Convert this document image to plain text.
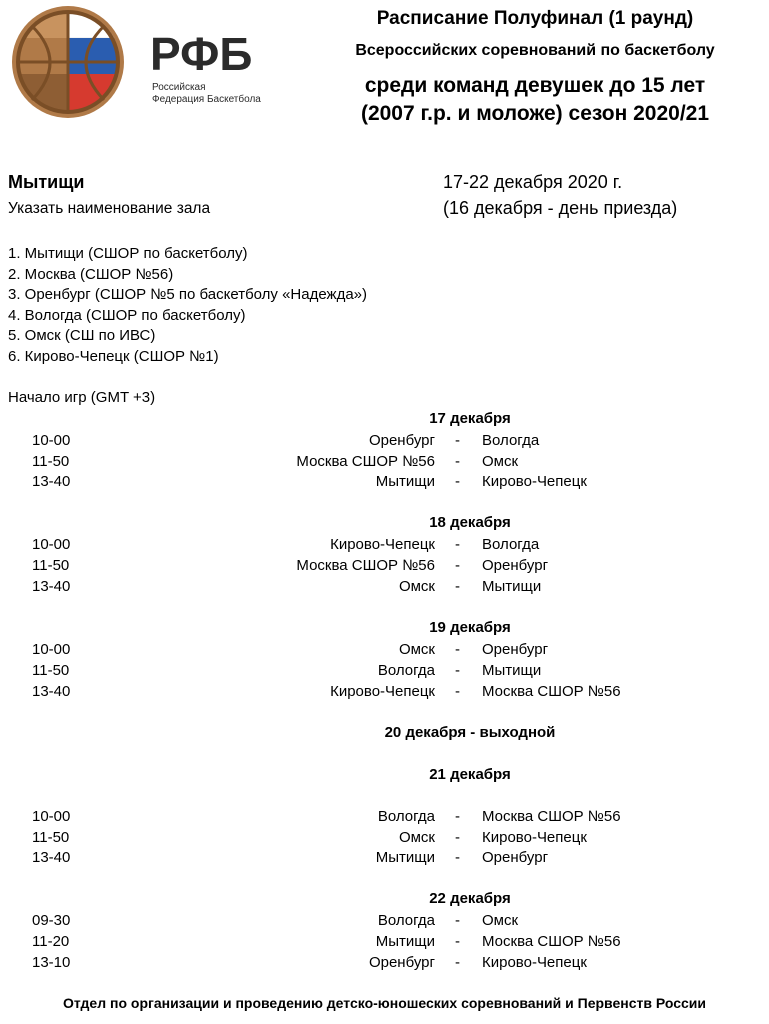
РФБ
Российская
Федерация Баскетбола
Расписание Полуфинал (1 раунд)
Всероссийских соревнований по баскетболу
среди команд девушек до 15 лет
(2007 г.р. и моложе) сезон 2020/21
Мытищи
Указать наименование зала
17-22 декабря 2020 г.
(16 декабря - день приезда)
1. Мытищи (СШОР по баскетболу)
2. Москва (СШОР №56)
3. Оренбург (СШОР №5 по баскетболу «Надежда»)
4. Вологда (СШОР по баскетболу)
5. Омск (СШ по ИВС)
6. Кирово-Чепецк (СШОР №1)
Начало игр (GMT +3)
17 декабря
10-00	Оренбург - Вологда
11-50	Москва СШОР №56 - Омск
13-40	Мытищи - Кирово-Чепецк
18 декабря
10-00	Кирово-Чепецк - Вологда
11-50	Москва СШОР №56 - Оренбург
13-40	Омск - Мытищи
19 декабря
10-00	Омск - Оренбург
11-50	Вологда - Мытищи
13-40	Кирово-Чепецк - Москва СШОР №56
20 декабря - выходной
21 декабря
10-00	Вологда - Москва СШОР №56
11-50	Омск - Кирово-Чепецк
13-40	Мытищи - Оренбург
22 декабря
09-30	Вологда - Омск
11-20	Мытищи - Москва СШОР №56
13-10	Оренбург - Кирово-Чепецк
Отдел по организации и проведению детско-юношеских соревнований и Первенств России
